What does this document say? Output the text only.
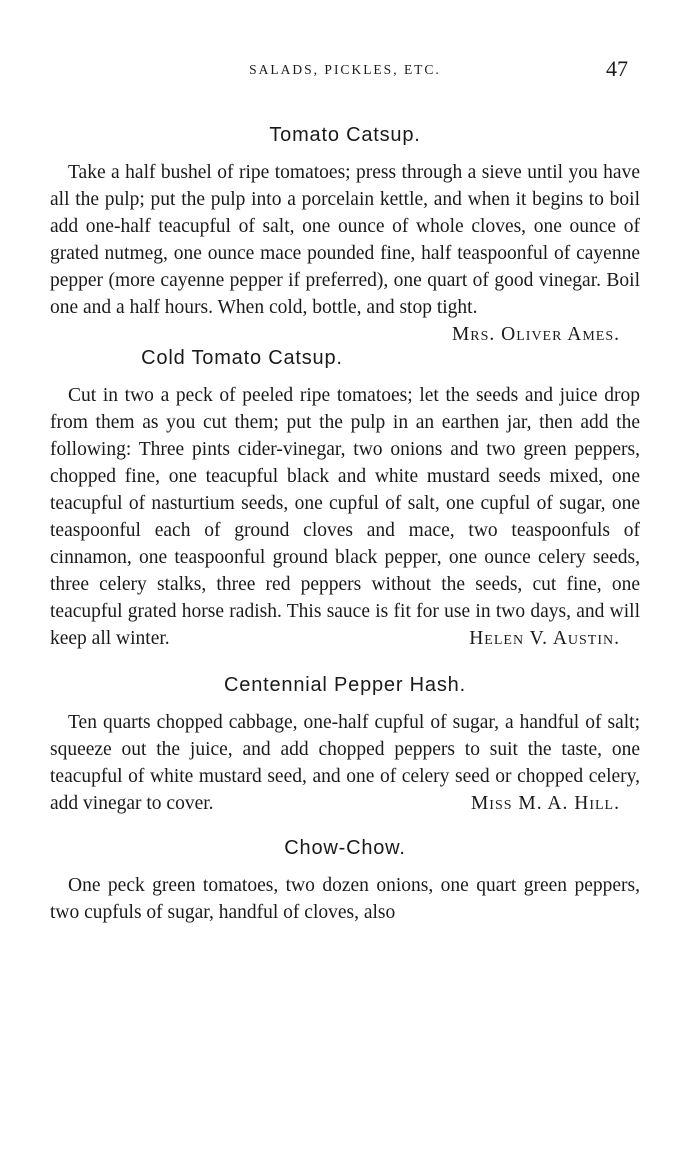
SALADS, PICKLES, ETC.	47
Tomato Catsup.

Take a half bushel of ripe tomatoes; press through a sieve until you have all the pulp; put the pulp into a porcelain kettle, and when it begins to boil add one-half teacupful of salt, one ounce of whole cloves, one ounce of grated nutmeg, one ounce mace pounded fine, half teaspoonful of cayenne pepper (more cayenne pepper if preferred), one quart of good vinegar. Boil one and a half hours. When cold, bottle, and stop tight.
Mrs. Oliver Ames.

Cold Tomato Catsup.

Cut in two a peck of peeled ripe tomatoes; let the seeds and juice drop from them as you cut them; put the pulp in an earthen jar, then add the following: Three pints cider-vinegar, two onions and two green peppers, chopped fine, one teacupful black and white mustard seeds mixed, one teacupful of nasturtium seeds, one cupful of salt, one cupful of sugar, one teaspoonful each of ground cloves and mace, two teaspoonfuls of cinnamon, one teaspoonful ground black pepper, one ounce celery seeds, three celery stalks, three red peppers without the seeds, cut fine, one teacupful grated horse radish. This sauce is fit for use in two days, and will keep all winter.	Helen V. Austin.

Centennial Pepper Hash.

Ten quarts chopped cabbage, one-half cupful of sugar, a handful of salt; squeeze out the juice, and add chopped peppers to suit the taste, one teacupful of white mustard seed, and one of celery seed or chopped celery, add vinegar to cover.	Miss M. A. Hill.

Chow-Chow.

One peck green tomatoes, two dozen onions, one quart green peppers, two cupfuls of sugar, handful of cloves, also
